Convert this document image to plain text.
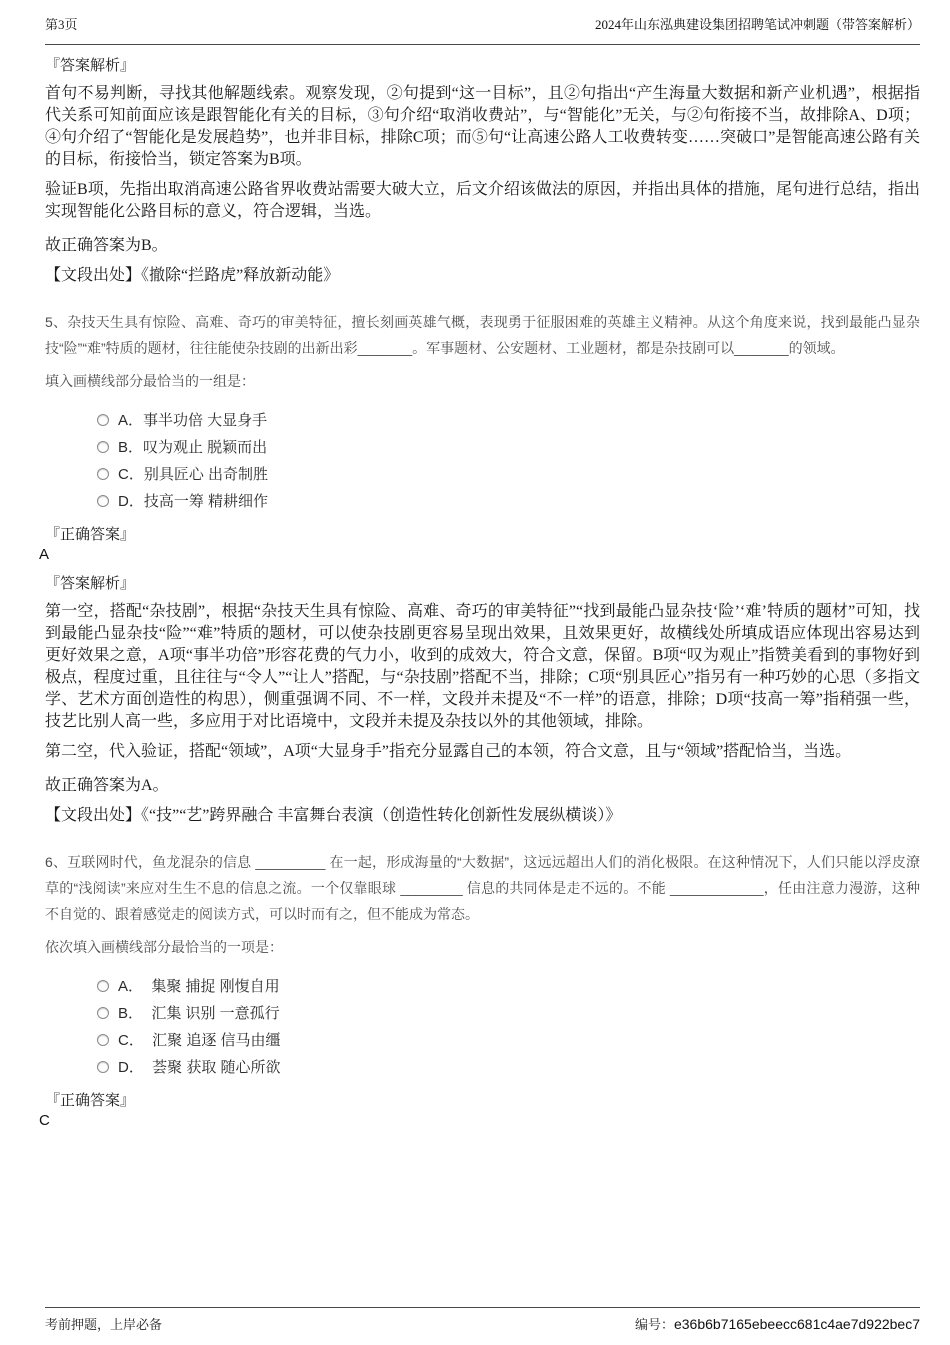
第3页	2024年山东泓典建设集团招聘笔试冲刺题（带答案解析）
『答案解析』

首句不易判断，寻找其他解题线索。观察发现，②句提到“这一目标”，且②句指出“产生海量大数据和新产业机遇”，根据指代关系可知前面应该是跟智能化有关的目标，③句介绍“取消收费站”，与“智能化”无关，与②句衔接不当，故排除A、D项；④句介绍了“智能化是发展趋势”，也并非目标，排除C项；而⑤句“让高速公路人工收费转变……突破口”是智能高速公路有关的目标，衔接恰当，锁定答案为B项。

验证B项，先指出取消高速公路省界收费站需要大破大立，后文介绍该做法的原因，并指出具体的措施，尾句进行总结，指出实现智能化公路目标的意义，符合逻辑，当选。

故正确答案为B。

【文段出处】《撤除“拦路虎”释放新动能》

5、杂技天生具有惊险、高难、奇巧的审美特征，擅长刻画英雄气概，表现勇于征服困难的英雄主义精神。从这个角度来说，找到最能凸显杂技“险”“难”特质的题材，往往能使杂技剧的出新出彩_______。军事题材、公安题材、工业题材，都是杂技剧可以_______的领域。

填入画横线部分最恰当的一组是：

A．事半功倍 大显身手
B．叹为观止 脱颖而出
C．别具匠心 出奇制胜
D．技高一筹 精耕细作
『正确答案』
A
『答案解析』

第一空，搭配“杂技剧”，根据“杂技天生具有惊险、高难、奇巧的审美特征”“找到最能凸显杂技‘险’‘难’特质的题材”可知，找到最能凸显杂技“险”“难”特质的题材，可以使杂技剧更容易呈现出效果，且效果更好，故横线处所填成语应体现出容易达到更好效果之意，A项“事半功倍”形容花费的气力小，收到的成效大，符合文意，保留。B项“叹为观止”指赞美看到的事物好到极点，程度过重，且往往与“令人”“让人”搭配，与“杂技剧”搭配不当，排除；C项“别具匠心”指另有一种巧妙的心思（多指文学、艺术方面创造性的构思），侧重强调不同、不一样，文段并未提及“不一样”的语意，排除；D项“技高一筹”指稍强一些，技艺比别人高一些，多应用于对比语境中，文段并未提及杂技以外的其他领域，排除。

第二空，代入验证，搭配“领域”，A项“大显身手”指充分显露自己的本领，符合文意，且与“领域”搭配恰当，当选。

故正确答案为A。

【文段出处】《“技”“艺”跨界融合 丰富舞台表演（创造性转化创新性发展纵横谈）》

6、互联网时代，鱼龙混杂的信息 _________ 在一起，形成海量的“大数据”，这远远超出人们的消化极限。在这种情况下，人们只能以浮皮潦草的“浅阅读”来应对生生不息的信息之流。一个仅靠眼球 ________ 信息的共同体是走不远的。不能 ____________，任由注意力漫游，这种不自觉的、跟着感觉走的阅读方式，可以时而有之，但不能成为常态。

依次填入画横线部分最恰当的一项是：

A．  集聚 捕捉 刚愎自用
B．  汇集 识别 一意孤行
C．  汇聚 追逐 信马由缰
D．  荟聚 获取 随心所欲
『正确答案』
C
考前押题，上岸必备	编号：e36b6b7165ebeecc681c4ae7d922bec7
